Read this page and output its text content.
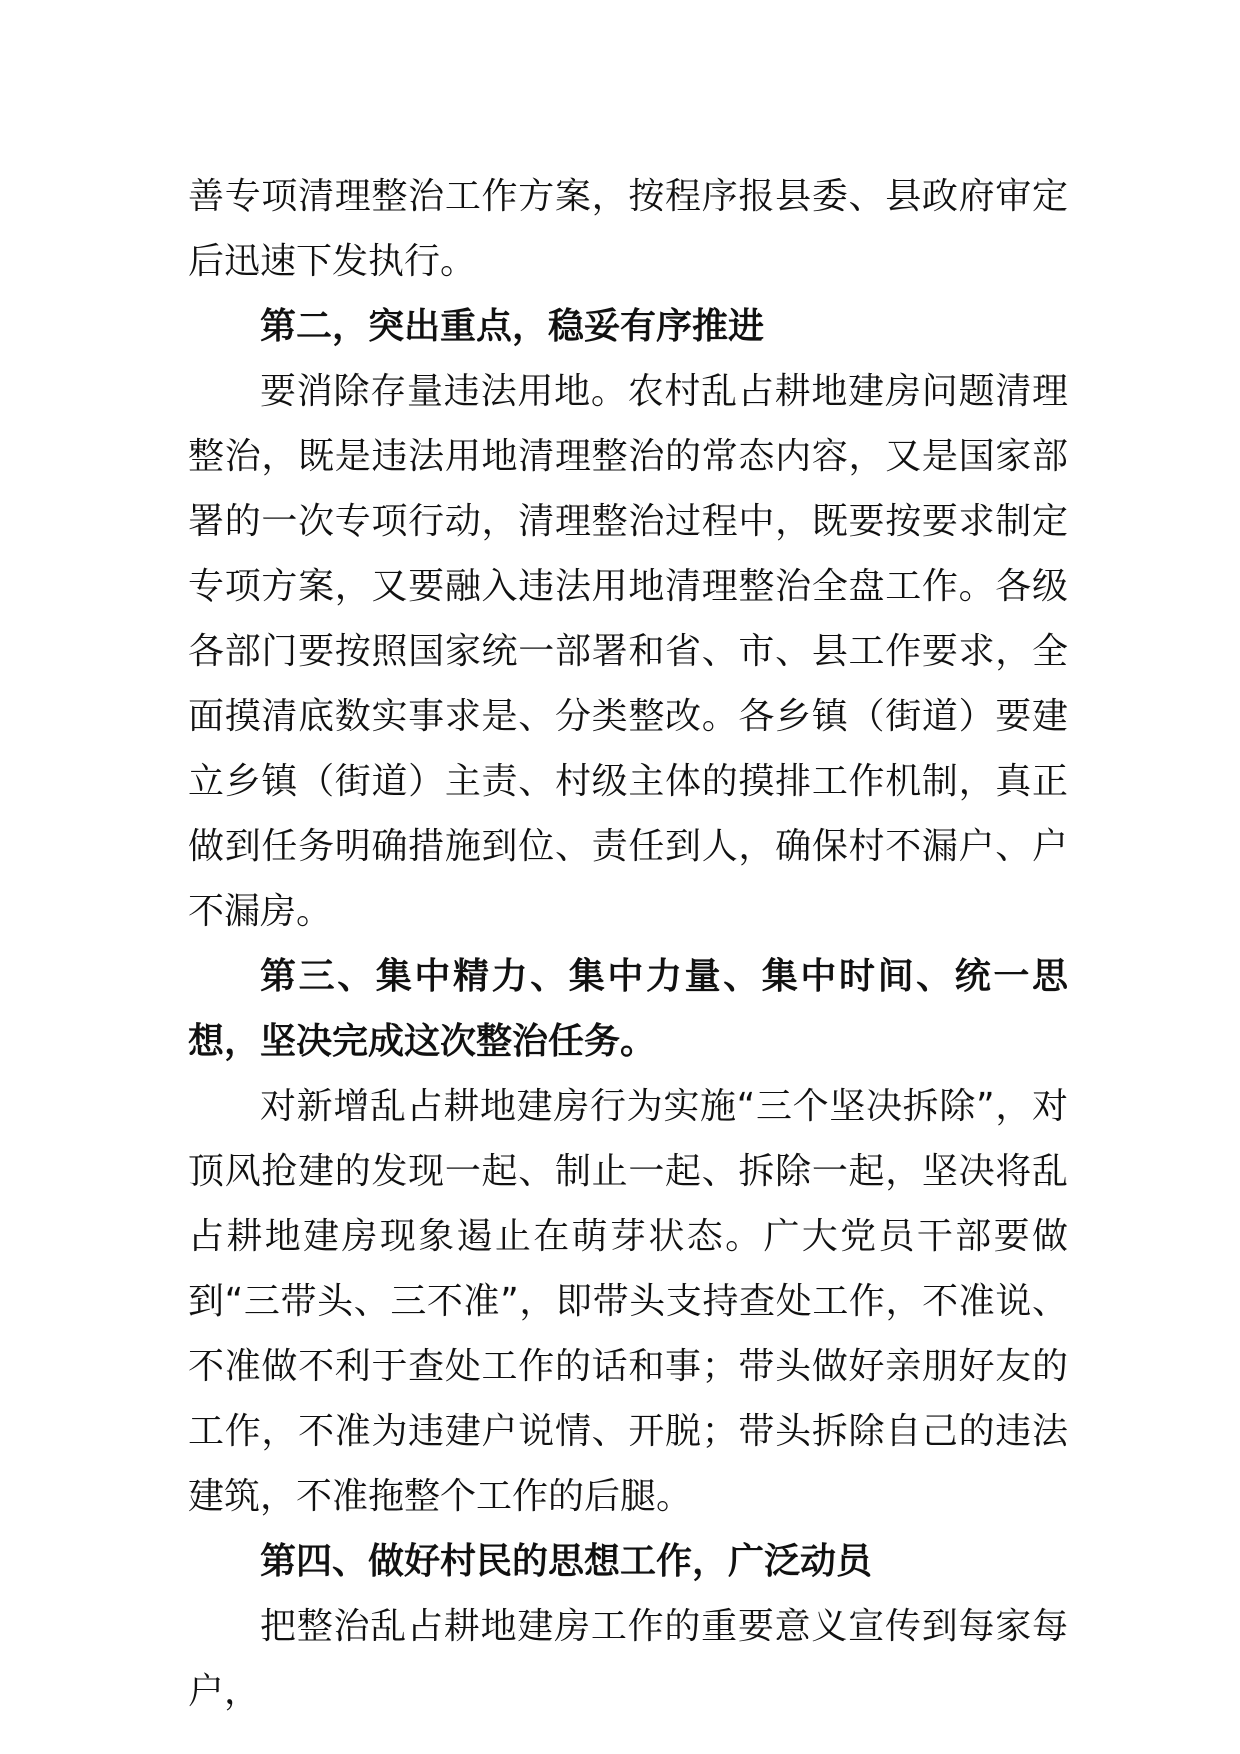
善专项清理整治工作方案，按程序报县委、县政府审定后迅速下发执行。

第二，突出重点，稳妥有序推进

要消除存量违法用地。农村乱占耕地建房问题清理整治，既是违法用地清理整治的常态内容，又是国家部署的一次专项行动，清理整治过程中，既要按要求制定专项方案，又要融入违法用地清理整治全盘工作。各级各部门要按照国家统一部署和省、市、县工作要求，全面摸清底数实事求是、分类整改。各乡镇（街道）要建立乡镇（街道）主责、村级主体的摸排工作机制，真正做到任务明确措施到位、责任到人，确保村不漏户、户不漏房。

第三、集中精力、集中力量、集中时间、统一思想，坚决完成这次整治任务。

对新增乱占耕地建房行为实施“三个坚决拆除”，对顶风抢建的发现一起、制止一起、拆除一起，坚决将乱占耕地建房现象遏止在萌芽状态。广大党员干部要做到“三带头、三不准”，即带头支持查处工作，不准说、不准做不利于查处工作的话和事；带头做好亲朋好友的工作，不准为违建户说情、开脱；带头拆除自己的违法建筑，不准拖整个工作的后腿。

第四、做好村民的思想工作，广泛动员

把整治乱占耕地建房工作的重要意义宣传到每家每户，
